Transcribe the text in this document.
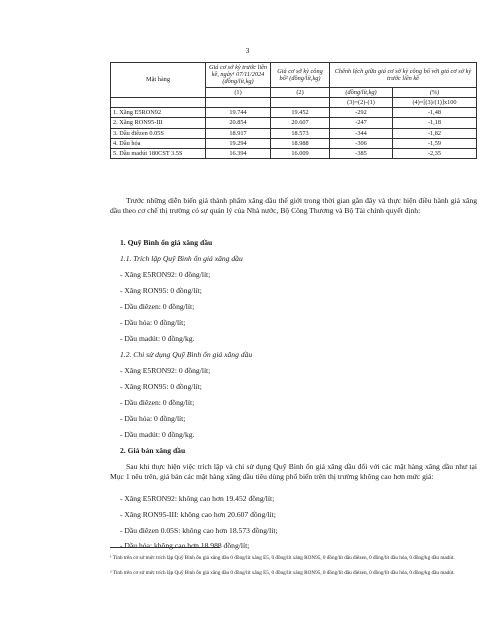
3
Mặt hàng	Giá cơ sở kỳ trước liền kề, ngày¹ 07/11/2024 (đồng/lít,kg)	Giá cơ sở kỳ công bố² (đồng/lít,kg)	Chênh lệch giữa giá cơ sở kỳ công bố với giá cơ sở kỳ trước liền kề	
	(1)	(2)	(đồng/lít,kg)	(%)
			(3)=(2)-(1)	(4)=[(3)/(1)]x100
1. Xăng E5RON92	19.744	19.452	-292	-1,48
2. Xăng RON95-III	20.854	20.607	-247	-1,18
3. Dầu điêzen 0.05S	18.917	18.573	-344	-1,82
4. Dầu hỏa	19.294	18.988	-306	-1,59
5. Dầu madút 180CST 3.5S	16.394	16.009	-385	-2,35

Trước những diễn biến giá thành phẩm xăng dầu thế giới trong thời gian gần đây và thực hiện điều hành giá xăng dầu theo cơ chế thị trường có sự quản lý của Nhà nước, Bộ Công Thương và Bộ Tài chính quyết định:

1. Quỹ Bình ổn giá xăng dầu
1.1. Trích lập Quỹ Bình ổn giá xăng dầu
- Xăng E5RON92: 0 đồng/lít;
- Xăng RON95: 0 đồng/lít;
- Dầu điêzen: 0 đồng/lít;
- Dầu hỏa: 0 đồng/lít;
- Dầu madút: 0 đồng/kg.
1.2. Chi sử dụng Quỹ Bình ổn giá xăng dầu
- Xăng E5RON92: 0 đồng/lít;
- Xăng RON95: 0 đồng/lít;
- Dầu điêzen: 0 đồng/lít;
- Dầu hỏa: 0 đồng/lít;
- Dầu madút: 0 đồng/kg.
2. Giá bán xăng dầu

Sau khi thực hiện việc trích lập và chi sử dụng Quỹ Bình ổn giá xăng dầu đối với các mặt hàng xăng dầu như tại Mục 1 nêu trên, giá bán các mặt hàng xăng dầu tiêu dùng phổ biến trên thị trường không cao hơn mức giá:

- Xăng E5RON92: không cao hơn 19.452 đồng/lít;
- Xăng RON95-III: không cao hơn 20.607 đồng/lít;
- Dầu điêzen 0.05S: không cao hơn 18.573 đồng/lít;
- Dầu hỏa: không cao hơn 18.988 đồng/lít;
¹ Tính trên cơ sở mức trích lập Quỹ Bình ổn giá xăng dầu 0 đồng/lít xăng E5, 0 đồng/lít xăng RON95, 0 đồng/lít dầu điêzen, 0 đồng/lít dầu hỏa, 0 đồng/kg dầu madút.
² Tính trên cơ sở mức trích lập Quỹ Bình ổn giá xăng dầu 0 đồng/lít xăng E5, 0 đồng/lít xăng RON95, 0 đồng/lít dầu điêzen, 0 đồng/lít dầu hỏa, 0 đồng/kg dầu madút.
